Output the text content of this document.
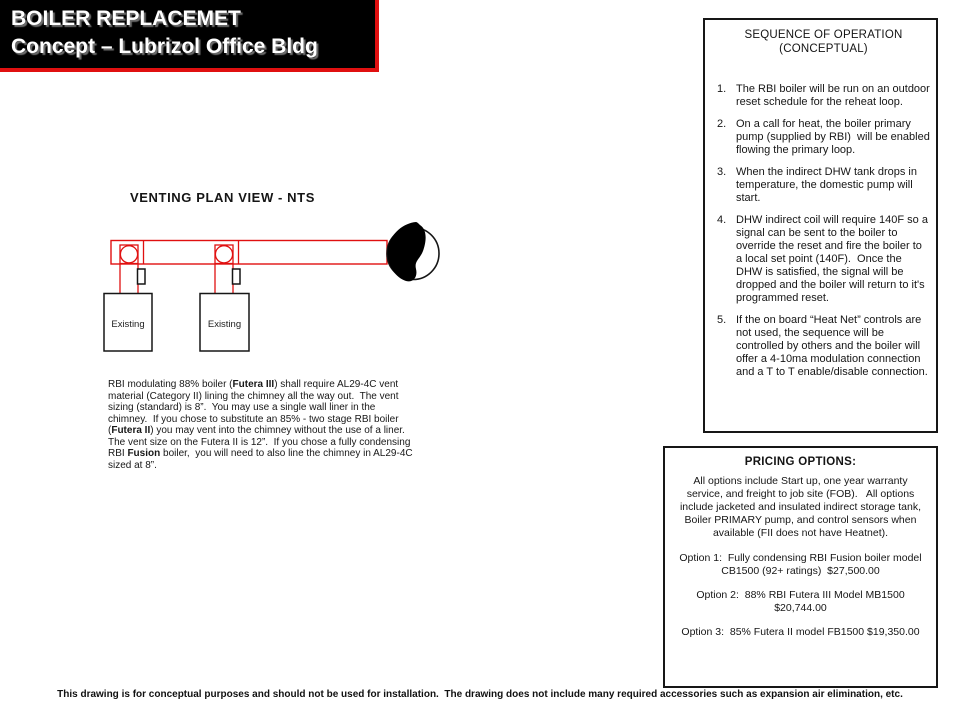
BOILER REPLACEMET
Concept – Lubrizol Office Bldg
VENTING PLAN VIEW - NTS
Existing	Existing
RBI modulating 88% boiler (Futera III) shall require AL29-4C vent material (Category II) lining the chimney all the way out.  The vent sizing (standard) is 8”.  You may use a single wall liner in the chimney.  If you chose to substitute an 85% - two stage RBI boiler (Futera II) you may vent into the chimney without the use of a liner.  The vent size on the Futera II is 12”.  If you chose a fully condensing RBI Fusion boiler,  you will need to also line the chimney in AL29-4C sized at 8”.
SEQUENCE OF OPERATION
(CONCEPTUAL)
1. The RBI boiler will be run on an outdoor reset schedule for the reheat loop.
2. On a call for heat, the boiler primary pump (supplied by RBI)  will be enabled flowing the primary loop.
3. When the indirect DHW tank drops in temperature, the domestic pump will start.
4. DHW indirect coil will require 140F so a signal can be sent to the boiler to override the reset and fire the boiler to a local set point (140F).  Once the DHW is satisfied, the signal will be dropped and the boiler will return to it's programmed reset.
5. If the on board “Heat Net” controls are not used, the sequence will be controlled by others and the boiler will offer a 4-10ma modulation connection and a T to T enable/disable connection.
PRICING OPTIONS:
All options include Start up, one year warranty service, and freight to job site (FOB).   All options include jacketed and insulated indirect storage tank,  Boiler PRIMARY pump, and control sensors when available (FII does not have Heatnet).
Option 1:  Fully condensing RBI Fusion boiler model CB1500 (92+ ratings)  $27,500.00
Option 2:  88% RBI Futera III Model MB1500 $20,744.00
Option 3:  85% Futera II model FB1500 $19,350.00
This drawing is for conceptual purposes and should not be used for installation.  The drawing does not include many required accessories such as expansion air elimination, etc.
